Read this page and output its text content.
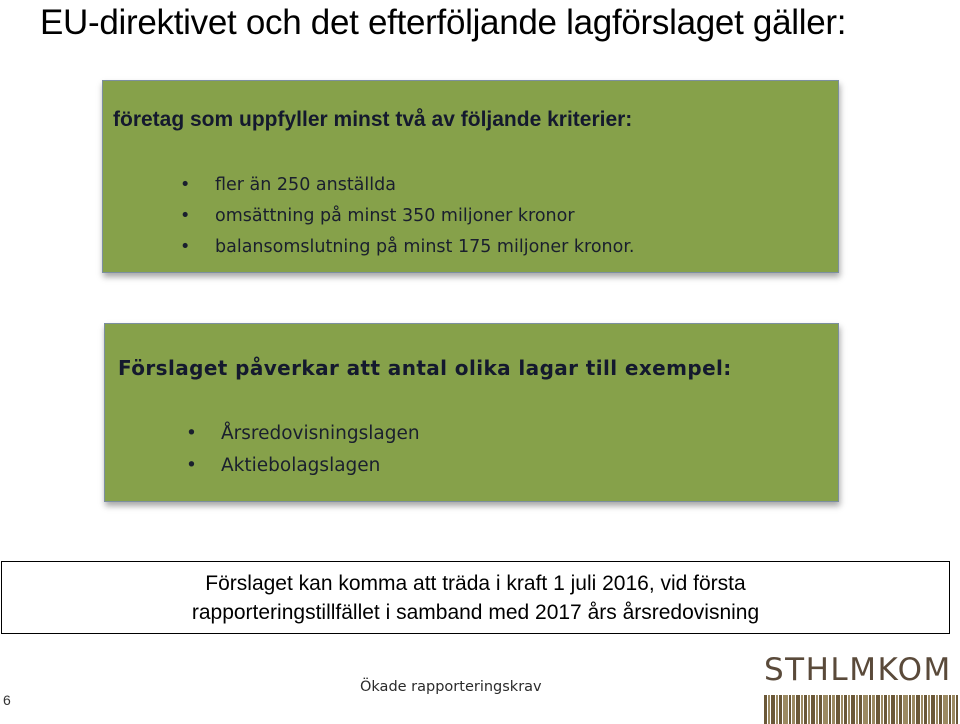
EU-direktivet och det efterföljande lagförslaget gäller:

företag som uppfyller minst två av följande kriterier:

• fler än 250 anställda
• omsättning på minst 350 miljoner kronor
• balansomslutning på minst 175 miljoner kronor.

Förslaget påverkar att antal olika lagar till exempel:

• Årsredovisningslagen
• Aktiebolagslagen
Förslaget kan komma att träda i kraft 1 juli 2016, vid första
rapporteringstillfället i samband med 2017 års årsredovisning
6
Ökade rapporteringskrav	STHLMKOM
